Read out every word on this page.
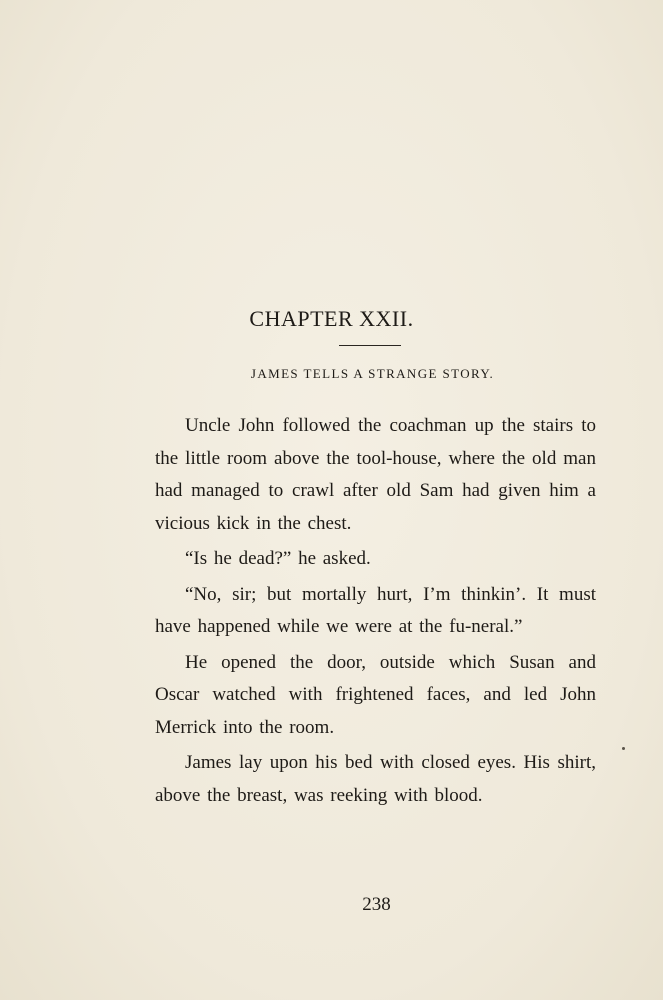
CHAPTER XXII.
JAMES TELLS A STRANGE STORY.

Uncle John followed the coachman up the stairs to the little room above the tool-house, where the old man had managed to crawl after old Sam had given him a vicious kick in the chest.

“Is he dead?” he asked.

“No, sir; but mortally hurt, I’m thinkin’. It must have happened while we were at the fu-neral.”

He opened the door, outside which Susan and Oscar watched with frightened faces, and led John Merrick into the room.

James lay upon his bed with closed eyes. His shirt, above the breast, was reeking with blood.

238
